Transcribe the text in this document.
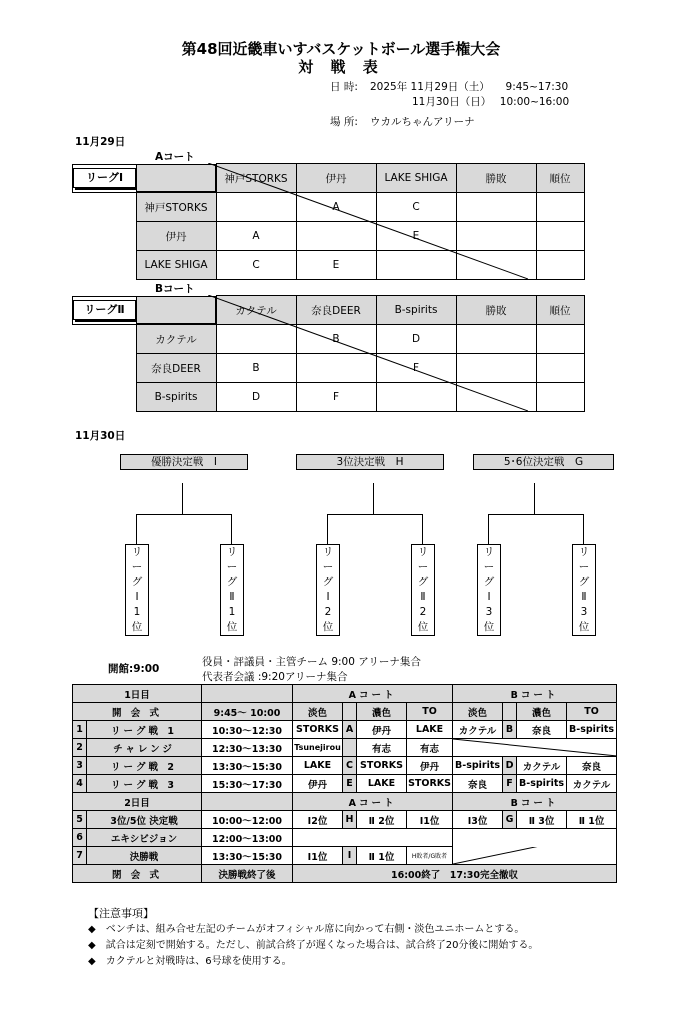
第48回近畿車いすバスケットボール選手権大会
対 戦 表
日 時: 2025年 11月29日（土）　　9:45~17:30
11月30日（日）　 10:00~16:00
場 所: ウカルちゃんアリーナ
11月29日
Aコート
リーグⅠ		神戸STORKS	伊丹	LAKE SHIGA	勝敗	順位
	神戸STORKS		A	C		
	伊丹	A		E		
	LAKE SHIGA	C	E			
Bコート
リーグⅡ		カクテル	奈良DEER	B-spirits	勝敗	順位
	カクテル		B	D		
	奈良DEER	B		F		
	B-spirits	D	F			
11月30日
優勝決定戦　I
リ
ー
グ
Ⅰ
1
位
リ
ー
グ
Ⅱ
1
位
3位決定戦　H
リ
ー
グ
Ⅰ
2
位
リ
ー
グ
Ⅱ
2
位
5･6位決定戦　G
リ
ー
グ
Ⅰ
3
位
リ
ー
グ
Ⅱ
3
位
開館:9:00
役員・評議員・主管チーム 9:00 アリーナ集合
代表者会議 :9:20アリーナ集合
1日目			Aコート				Bコート			
開 会 式		9:45～ 10:00	淡色		濃色	TO	淡色		濃色	TO
1	リーグ戦 1	10:30～12:30	STORKS	A	伊丹	LAKE	カクテル	B	奈良	B-spirits
2	チャレンジ	12:30～13:30	Tsunejirou		有志	有志	

3	リーグ戦 2	13:30～15:30	LAKE	C	STORKS	伊丹	B-spirits	D	カクテル	奈良
4	リーグ戦 3	15:30～17:30	伊丹	E	LAKE	STORKS	奈良	F	B-spirits	カクテル
2日目			Aコート				Bコート			
5	3位/5位 決定戦	10:00～12:00	Ⅰ2位	H	Ⅱ 2位	Ⅰ1位	Ⅰ3位	G	Ⅱ 3位	Ⅱ 1位
6	エキシビジョン	12:00～13:00								
7	決勝戦	13:30～15:30	Ⅰ1位	I	Ⅱ 1位	H敗者/G敗者	

閉 会 式		決勝戦終了後	16:00終了　17:30完全撤収							
【注意事項】
◆　 ベンチは、組み合せ左記のチームがオフィシャル席に向かって右側・淡色ユニホームとする。
◆　 試合は定刻で開始する。ただし、前試合終了が遅くなった場合は、試合終了20分後に開始する。
◆　 カクテルと対戦時は、6号球を使用する。
